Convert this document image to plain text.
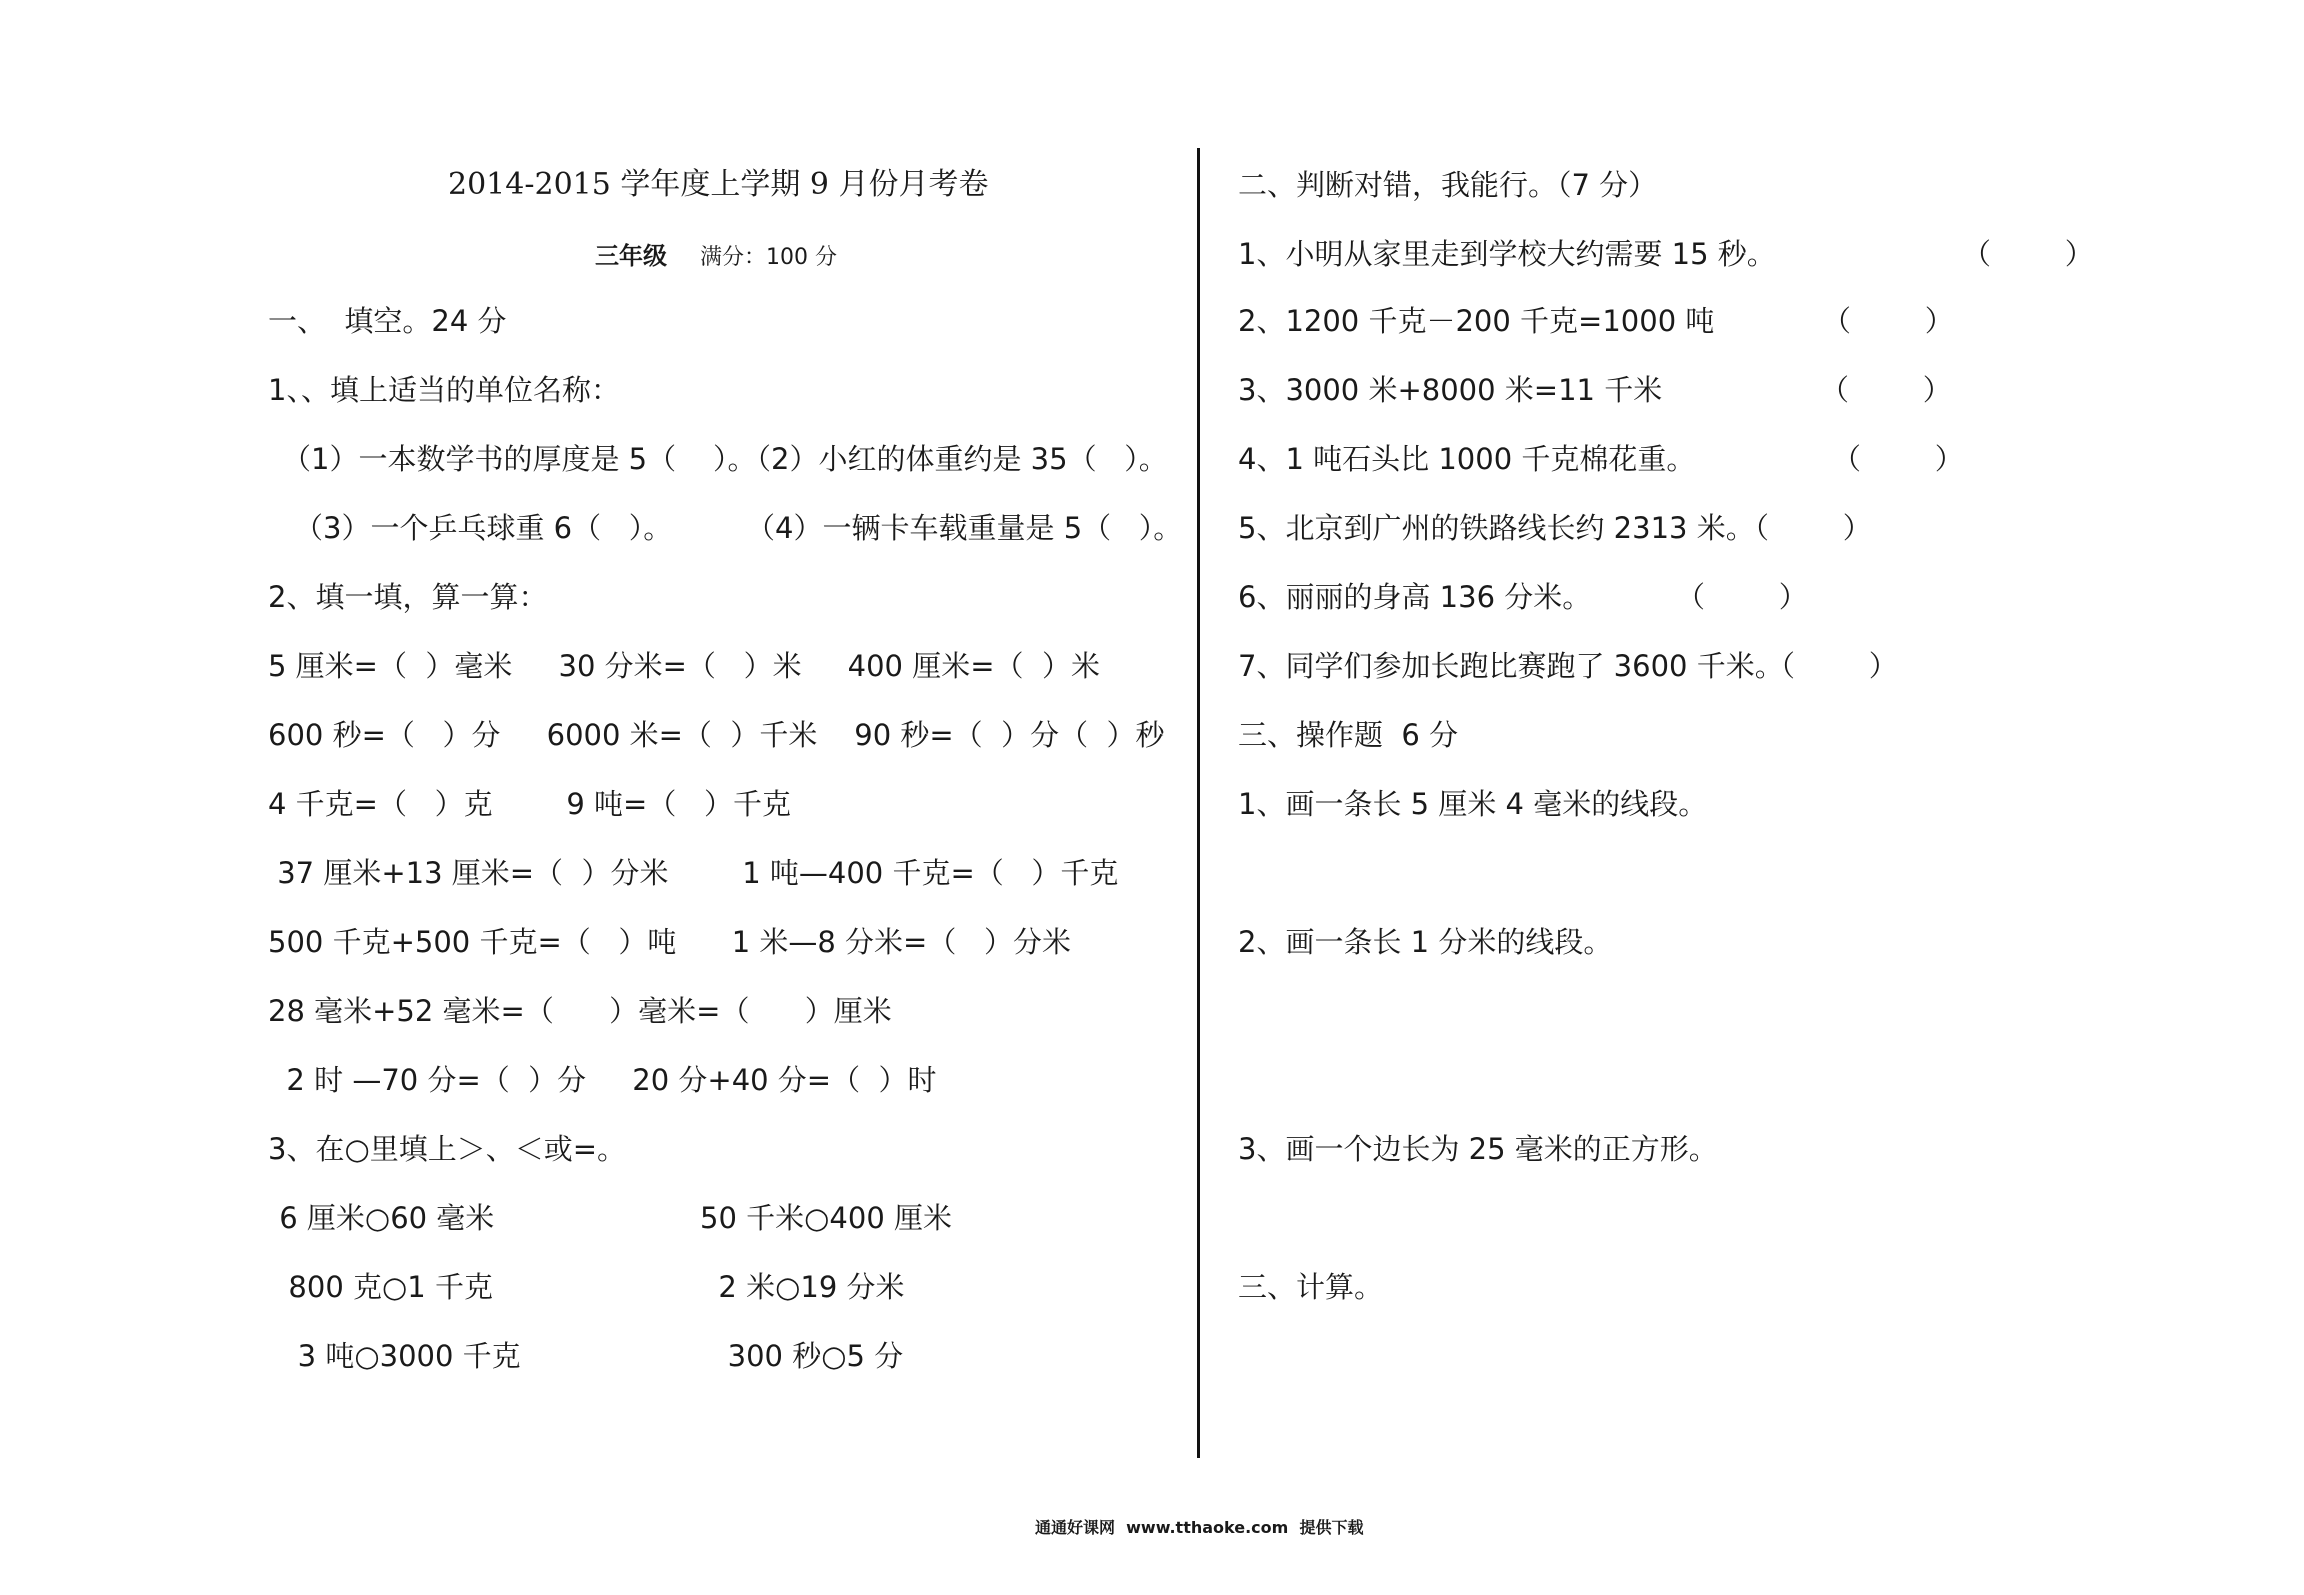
2014-2015 学年度上学期 9 月份月考卷
三年级 满分：100 分
一、  填空。24 分
1、、填上适当的单位名称：
（1）一本数学书的厚度是 5（    ）。（2）小红的体重约是 35（   ）。
（3）一个乒乓球重 6（   ）。        （4）一辆卡车载重量是 5（   ）。
2、填一填，算一算：
5 厘米=（  ）毫米     30 分米=（   ）米     400 厘米=（  ）米
600 秒=（   ）分     6000 米=（  ）千米    90 秒=（  ）分（  ）秒
4 千克=（   ）克        9 吨=（   ）千克
37 厘米+13 厘米=（  ）分米        1 吨—400 千克=（   ）千克
500 千克+500 千克=（   ）吨      1 米—8 分米=（   ）分米
28 毫米+52 毫米=（      ）毫米=（      ）厘米
2 时 —70 分=（  ）分     20 分+40 分=（  ）时
3、在○里填上＞、＜或=。
6 厘米○60 毫米	50 千米○400 厘米
800 克○1 千克	2 米○19 分米
3 吨○3000 千克	300 秒○5 分
二、判断对错，我能行。（7 分）
1、小明从家里走到学校大约需要 15 秒。	（        ）
2、1200 千克－200 千克=1000 吨	（        ）
3、3000 米+8000 米=11 千米	（        ）
4、1 吨石头比 1000 千克棉花重。	（        ）
5、北京到广州的铁路线长约 2313 米。
（        ）
6、丽丽的身高 136 分米。	（        ）
7、同学们参加长跑比赛跑了 3600 千米。
（        ）
三、操作题  6 分
1、画一条长 5 厘米 4 毫米的线段。
2、画一条长 1 分米的线段。
3、画一个边长为 25 毫米的正方形。
三、计算。
通通好课网  www.tthaoke.com  提供下载
